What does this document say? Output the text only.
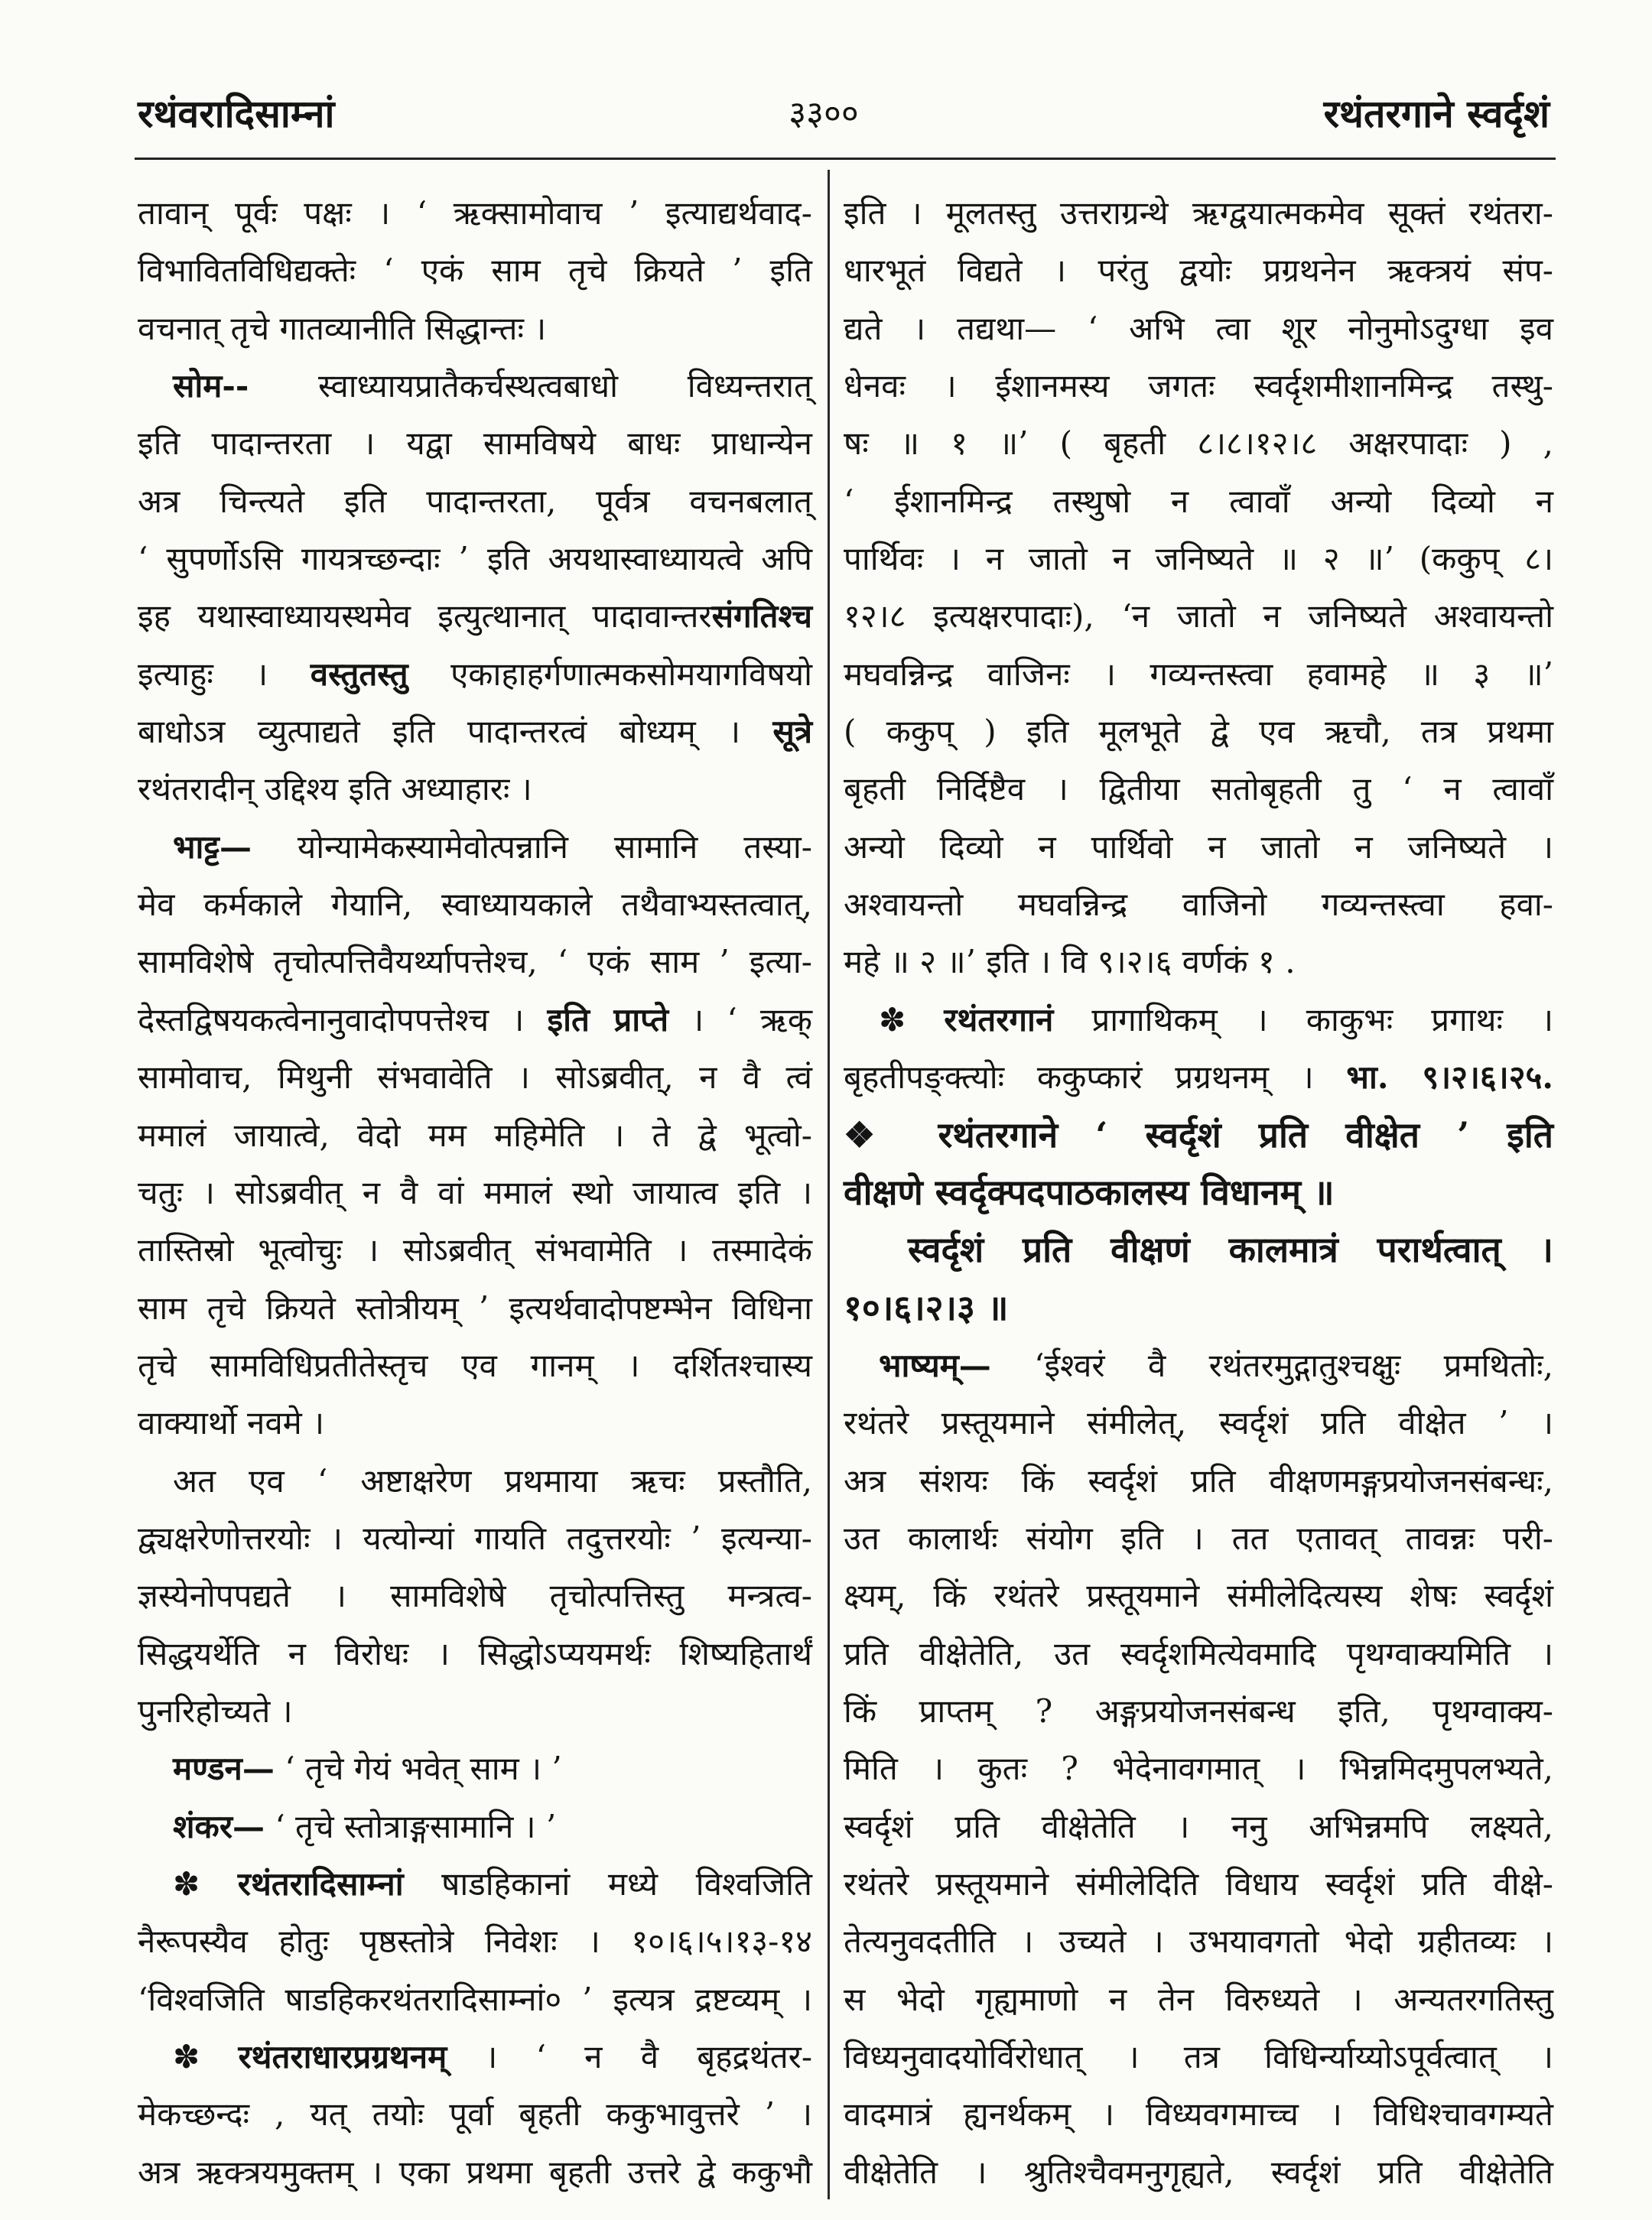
रथंवरादिसाम्नां	३३००	रथंतरगाने स्वर्दृशं
तावान् पूर्वः पक्षः । ‘ ऋक्सामोवाच ’ इत्याद्यर्थवाद-
विभावितविधिद्यक्तेः ‘ एकं साम तृचे क्रियते ’ इति
वचनात् तृचे गातव्यानीति सिद्धान्तः ।
सोम-- स्वाध्यायप्रातैकर्चस्थत्वबाधो विध्यन्तरात्
इति पादान्तरता । यद्वा सामविषये बाधः प्राधान्येन
अत्र चिन्त्यते इति पादान्तरता, पूर्वत्र वचनबलात्
‘ सुपर्णोऽसि गायत्रच्छन्दाः ’ इति अयथास्वाध्यायत्वे अपि
इह यथास्वाध्यायस्थमेव इत्युत्थानात् पादावान्तरसंगतिश्च
इत्याहुः । वस्तुतस्तु एकाहाहर्गणात्मकसोमयागविषयो
बाधोऽत्र व्युत्पाद्यते इति पादान्तरत्वं बोध्यम् । सूत्रे
रथंतरादीन् उद्दिश्य इति अध्याहारः ।
भाट्ट— योन्यामेकस्यामेवोत्पन्नानि सामानि तस्या-
मेव कर्मकाले गेयानि, स्वाध्यायकाले तथैवाभ्यस्तत्वात्,
सामविशेषे तृचोत्पत्तिवैयर्थ्यापत्तेश्च, ‘ एकं साम ’ इत्या-
देस्तद्विषयकत्वेनानुवादोपपत्तेश्च । इति प्राप्ते । ‘ ऋक्
सामोवाच, मिथुनी संभवावेति । सोऽब्रवीत्, न वै त्वं
ममालं जायात्वे, वेदो मम महिमेति । ते द्वे भूत्वो-
चतुः । सोऽब्रवीत् न वै वां ममालं स्थो जायात्व इति ।
तास्तिस्रो भूत्वोचुः । सोऽब्रवीत् संभवामेति । तस्मादेकं
साम तृचे क्रियते स्तोत्रीयम् ’ इत्यर्थवादोपष्टम्भेन विधिना
तृचे सामविधिप्रतीतेस्तृच एव गानम् । दर्शितश्चास्य
वाक्यार्थो नवमे ।
अत एव ‘ अष्टाक्षरेण प्रथमाया ऋचः प्रस्तौति,
द्व्यक्षरेणोत्तरयोः । यत्योन्यां गायति तदुत्तरयोः ’ इत्यन्या-
ज्ञस्येनोपपद्यते । सामविशेषे तृचोत्पत्तिस्तु मन्त्रत्व-
सिद्धयर्थेति न विरोधः । सिद्धोऽप्ययमर्थः शिष्यहितार्थं
पुनरिहोच्यते ।
मण्डन— ‘ तृचे गेयं भवेत् साम । ’
शंकर— ‘ तृचे स्तोत्राङ्गसामानि । ’
✽ रथंतरादिसाम्नां षाडहिकानां मध्ये विश्वजिति
नैरूपस्यैव होतुः पृष्ठस्तोत्रे निवेशः । १०।६।५।१३-१४
‘विश्वजिति षाडहिकरथंतरादिसाम्नां० ’ इत्यत्र द्रष्टव्यम् ।
✽ रथंतराधारप्रग्रथनम् । ‘ न वै बृहद्रथंतर-
मेकच्छन्दः , यत् तयोः पूर्वा बृहती ककुभावुत्तरे ’ ।
अत्र ऋक्त्रयमुक्तम् । एका प्रथमा बृहती उत्तरे द्वे ककुभौ
इति । मूलतस्तु उत्तराग्रन्थे ऋग्द्वयात्मकमेव सूक्तं रथंतरा-
धारभूतं विद्यते । परंतु द्वयोः प्रग्रथनेन ऋक्त्रयं संप-
द्यते । तद्यथा— ‘ अभि त्वा शूर नोनुमोऽदुग्धा इव
धेनवः । ईशानमस्य जगतः स्वर्दृशमीशानमिन्द्र तस्थु-
षः ॥ १ ॥’ ( बृहती ८।८।१२।८ अक्षरपादाः ) ,
‘ ईशानमिन्द्र तस्थुषो न त्वावाँ अन्यो दिव्यो न
पार्थिवः । न जातो न जनिष्यते ॥ २ ॥’ (ककुप् ८।
१२।८ इत्यक्षरपादाः), ‘न जातो न जनिष्यते अश्वायन्तो
मघवन्निन्द्र वाजिनः । गव्यन्तस्त्वा हवामहे ॥ ३ ॥’
( ककुप् ) इति मूलभूते द्वे एव ऋचौ, तत्र प्रथमा
बृहती निर्दिष्टैव । द्वितीया सतोबृहती तु ‘ न त्वावाँ
अन्यो दिव्यो न पार्थिवो न जातो न जनिष्यते ।
अश्वायन्तो मघवन्निन्द्र वाजिनो गव्यन्तस्त्वा हवा-
महे ॥ २ ॥’ इति । वि ९।२।६ वर्णकं १ .
✽ रथंतरगानं प्रागाथिकम् । काकुभः प्रगाथः ।
बृहतीपङ्क्त्योः ककुप्कारं प्रग्रथनम् । भा. ९।२।६।२५.
❖ रथंतरगाने ‘ स्वर्दृशं प्रति वीक्षेत ’ इति
वीक्षणे स्वर्दृक्पदपाठकालस्य विधानम् ॥
स्वर्दृशं प्रति वीक्षणं कालमात्रं परार्थत्वात् ।
१०।६।२।३ ॥
भाष्यम्— ‘ईश्वरं वै रथंतरमुद्गातुश्चक्षुः प्रमथितोः,
रथंतरे प्रस्तूयमाने संमीलेत्, स्वर्दृशं प्रति वीक्षेत ’ ।
अत्र संशयः किं स्वर्दृशं प्रति वीक्षणमङ्गप्रयोजनसंबन्धः,
उत कालार्थः संयोग इति । तत एतावत् तावन्नः परी-
क्ष्यम्, किं रथंतरे प्रस्तूयमाने संमीलेदित्यस्य शेषः स्वर्दृशं
प्रति वीक्षेतेति, उत स्वर्दृशमित्येवमादि पृथग्वाक्यमिति ।
किं प्राप्तम् ? अङ्गप्रयोजनसंबन्ध इति, पृथग्वाक्य-
मिति । कुतः ? भेदेनावगमात् । भिन्नमिदमुपलभ्यते,
स्वर्दृशं प्रति वीक्षेतेति । ननु अभिन्नमपि लक्ष्यते,
रथंतरे प्रस्तूयमाने संमीलेदिति विधाय स्वर्दृशं प्रति वीक्षे-
तेत्यनुवदतीति । उच्यते । उभयावगतो भेदो ग्रहीतव्यः ।
स भेदो गृह्यमाणो न तेन विरुध्यते । अन्यतरगतिस्तु
विध्यनुवादयोर्विरोधात् । तत्र विधिर्न्याय्योऽपूर्वत्वात् ।
वादमात्रं ह्यनर्थकम् । विध्यवगमाच्च । विधिश्चावगम्यते
वीक्षेतेति । श्रुतिश्चैवमनुगृह्यते, स्वर्दृशं प्रति वीक्षेतेति
